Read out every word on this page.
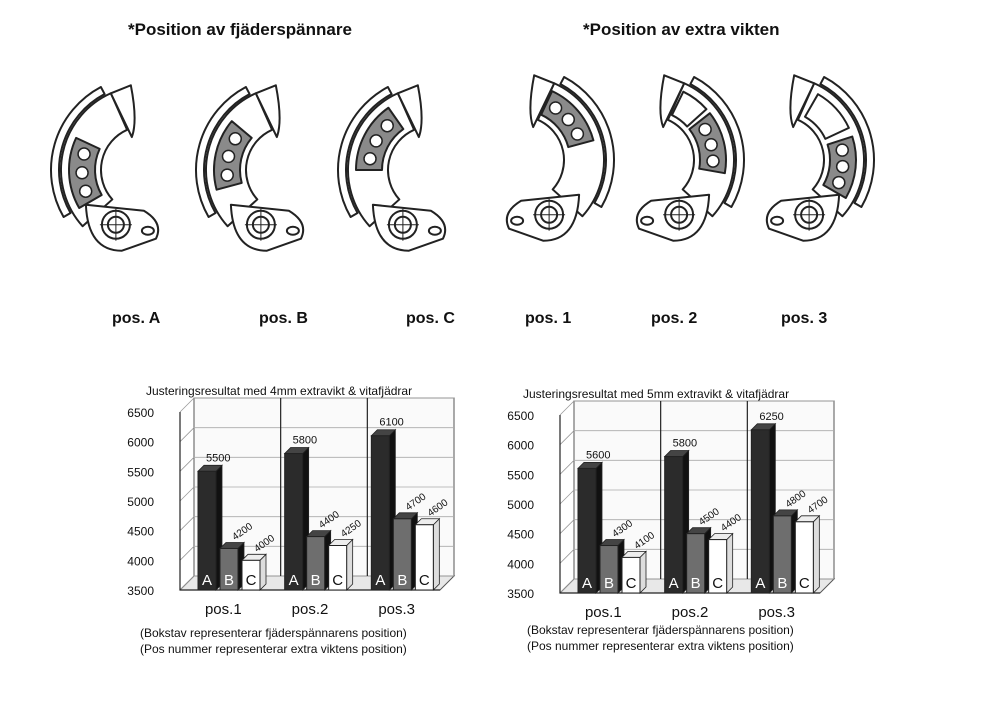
*Position av fjäderspännare	*Position av extra vikten
pos. A	pos. B	pos. C	pos. 1	pos. 2	pos. 3
Justeringsresultat med 4mm extravikt & vitafjädrar	Justeringsresultat med 5mm extravikt & vitafjädrar
3500
4000
4500
5000
5500
6000
6500
A
5500
B
4200
C
4000
pos.1
A
5800
B
4400
C
4250
pos.2
A
6100
B
4700
C
4600
pos.3
3500
4000
4500
5000
5500
6000
6500
A
5600
B
4300
C
4100
pos.1
A
5800
B
4500
C
4400
pos.2
A
6250
B
4800
C
4700
pos.3
(Bokstav representerar fjäderspännarens position)
(Pos nummer representerar extra viktens position)
(Bokstav representerar fjäderspännarens position)
(Pos nummer representerar extra viktens position)
